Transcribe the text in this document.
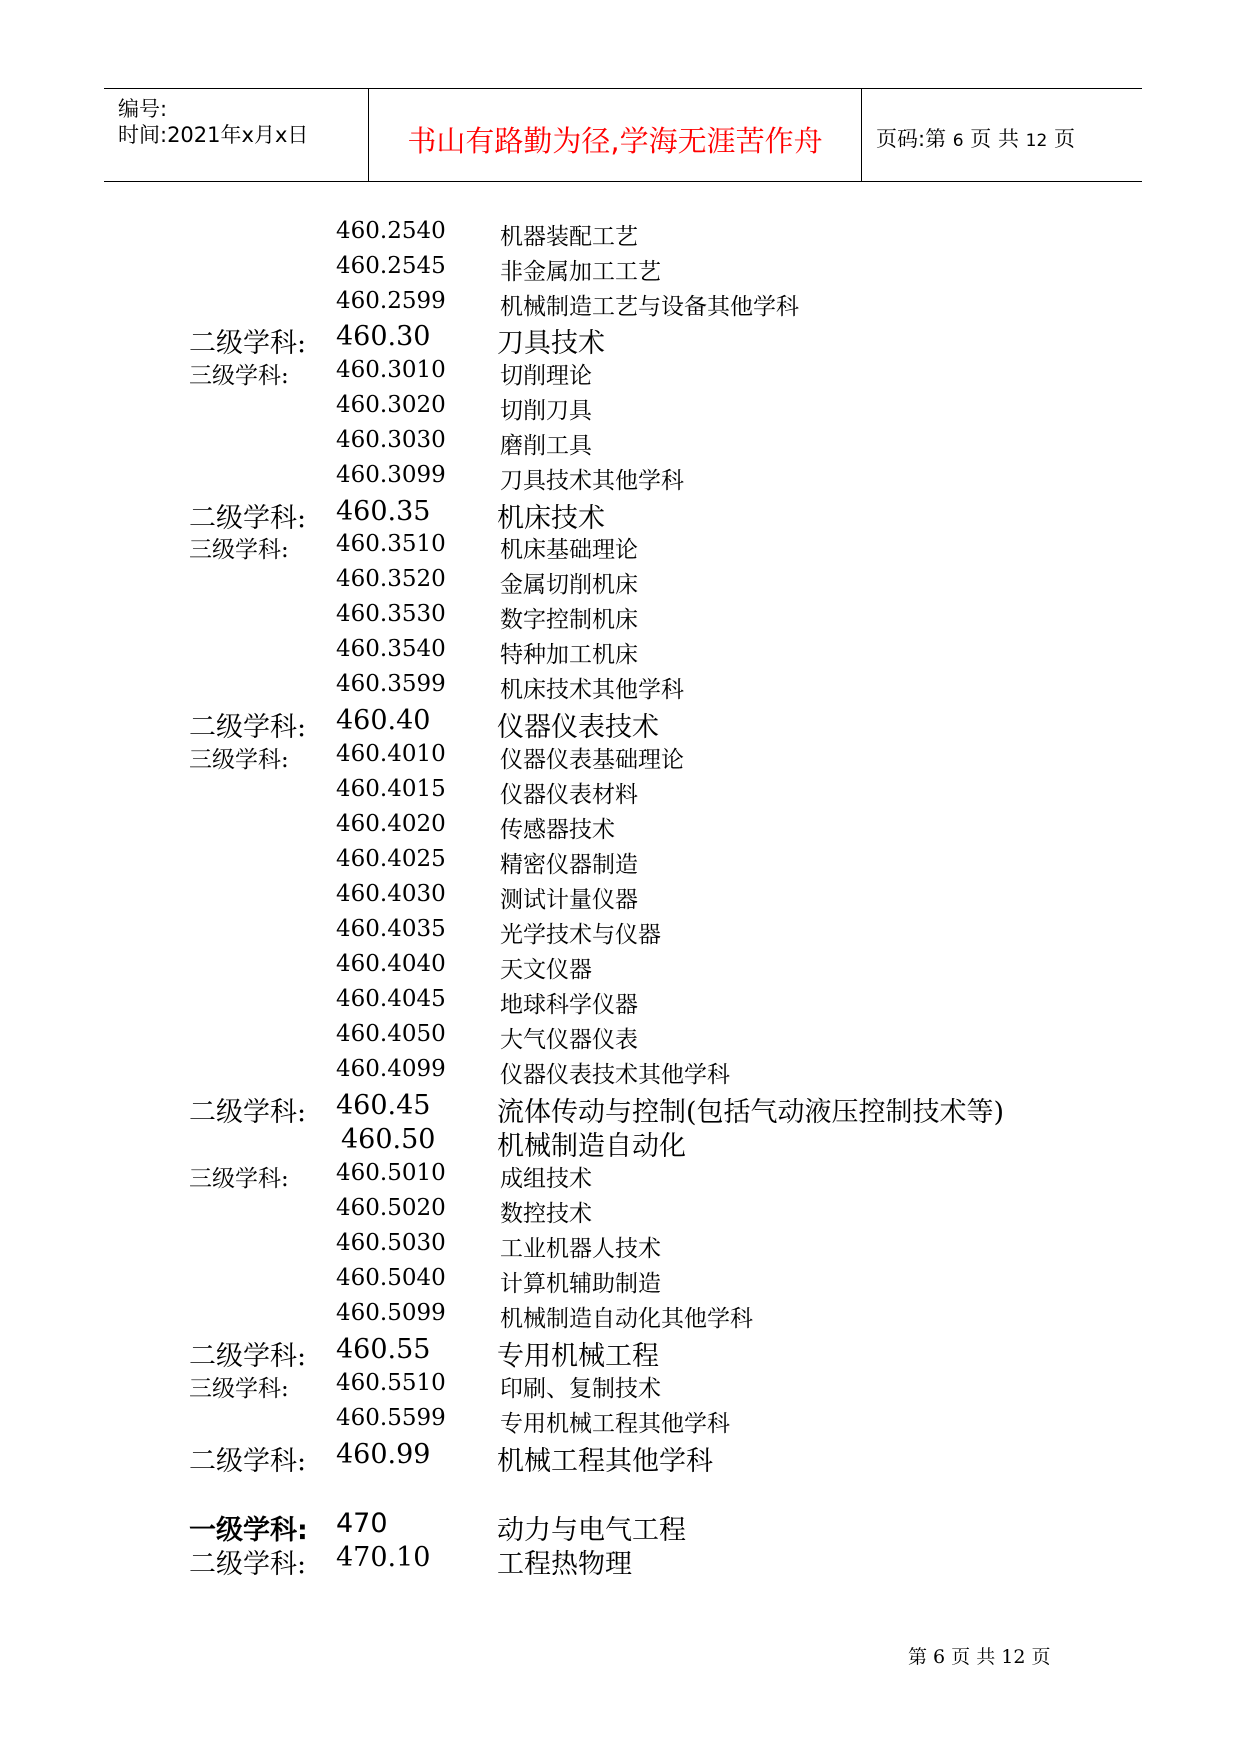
编号:
时间:2021年x月x日	书山有路勤为径,学海无涯苦作舟	页码:第 6 页 共 12 页
460.2540 机器装配工艺
460.2545 非金属加工工艺
460.2599 机械制造工艺与设备其他学科
二级学科: 460.30 刀具技术
三级学科: 460.3010 切削理论
460.3020 切削刀具
460.3030 磨削工具
460.3099 刀具技术其他学科
二级学科: 460.35 机床技术
三级学科: 460.3510 机床基础理论
460.3520 金属切削机床
460.3530 数字控制机床
460.3540 特种加工机床
460.3599 机床技术其他学科
二级学科: 460.40 仪器仪表技术
三级学科: 460.4010 仪器仪表基础理论
460.4015 仪器仪表材料
460.4020 传感器技术
460.4025 精密仪器制造
460.4030 测试计量仪器
460.4035 光学技术与仪器
460.4040 天文仪器
460.4045 地球科学仪器
460.4050 大气仪器仪表
460.4099 仪器仪表技术其他学科
二级学科: 460.45 流体传动与控制(包括气动液压控制技术等)
460.50 机械制造自动化
三级学科: 460.5010 成组技术
460.5020 数控技术
460.5030 工业机器人技术
460.5040 计算机辅助制造
460.5099 机械制造自动化其他学科
二级学科: 460.55 专用机械工程
三级学科: 460.5510 印刷、复制技术
460.5599 专用机械工程其他学科
二级学科: 460.99 机械工程其他学科
一级学科: 470	动力与电气工程
二级学科: 470.10 工程热物理
第 6 页 共 12 页
